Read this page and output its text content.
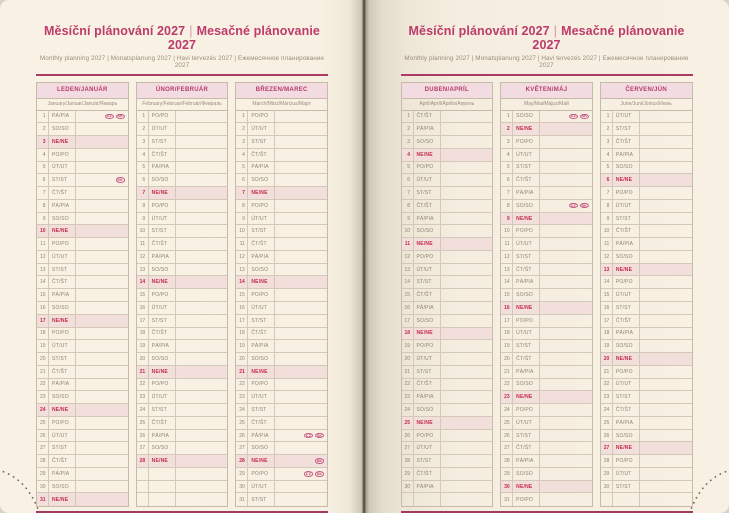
Měsíční plánování 2027 | Mesačné plánovanie 2027
Monthly planning 2027 | Monatsplanung 2027 | Havi tervezés 2027 | Ежемесячное планирование 2027
LEDEN/JANUÁR
January/Januar/Január/Январь
1	PÁ/PIA	CZ	SK
2	SO/SO
3	NE/NE
4	PO/PO
5	ÚT/UT
6	ST/ST	SK
7	ČT/ŠT
8	PÁ/PIA
9	SO/SO
10	NE/NE
11	PO/PO
12	ÚT/UT
13	ST/ST
14	ČT/ŠT
15	PÁ/PIA
16	SO/SO
17	NE/NE
18	PO/PO
19	ÚT/UT
20	ST/ST
21	ČT/ŠT
22	PÁ/PIA
23	SO/SO
24	NE/NE
25	PO/PO
26	ÚT/UT
27	ST/ST
28	ČT/ŠT
29	PÁ/PIA
30	SO/SO
31	NE/NE
ÚNOR/FEBRUÁR
February/Februar/Február/Февраль
1	PO/PO
2	ÚT/UT
3	ST/ST
4	ČT/ŠT
5	PÁ/PIA
6	SO/SO
7	NE/NE
8	PO/PO
9	ÚT/UT
10	ST/ST
11	ČT/ŠT
12	PÁ/PIA
13	SO/SO
14	NE/NE
15	PO/PO
16	ÚT/UT
17	ST/ST
18	ČT/ŠT
19	PÁ/PIA
20	SO/SO
21	NE/NE
22	PO/PO
23	ÚT/UT
24	ST/ST
25	ČT/ŠT
26	PÁ/PIA
27	SO/SO
28	NE/NE
BŘEZEN/MAREC
March/März/Március/Март
1	PO/PO
2	ÚT/UT
3	ST/ST
4	ČT/ŠT
5	PÁ/PIA
6	SO/SO
7	NE/NE
8	PO/PO
9	ÚT/UT
10	ST/ST
11	ČT/ŠT
12	PÁ/PIA
13	SO/SO
14	NE/NE
15	PO/PO
16	ÚT/UT
17	ST/ST
18	ČT/ŠT
19	PÁ/PIA
20	SO/SO
21	NE/NE
22	PO/PO
23	ÚT/UT
24	ST/ST
25	ČT/ŠT
26	PÁ/PIA	CZ	SK
27	SO/SO
28	NE/NE	SK
29	PO/PO	CZ	SK
30	ÚT/UT
31	ST/ST
Měsíční plánování 2027 | Mesačné plánovanie 2027
Monthly planning 2027 | Monatsplanung 2027 | Havi tervezés 2027 | Ежемесячное планирование 2027
DUBEN/APRÍL
April/Apríl/Április/Апрель
1	ČT/ŠT
2	PÁ/PIA
3	SO/SO
4	NE/NE
5	PO/PO
6	ÚT/UT
7	ST/ST
8	ČT/ŠT
9	PÁ/PIA
10	SO/SO
11	NE/NE
12	PO/PO
13	ÚT/UT
14	ST/ST
15	ČT/ŠT
16	PÁ/PIA
17	SO/SO
18	NE/NE
19	PO/PO
20	ÚT/UT
21	ST/ST
22	ČT/ŠT
23	PÁ/PIA
24	SO/SO
25	NE/NE
26	PO/PO
27	ÚT/UT
28	ST/ST
29	ČT/ŠT
30	PÁ/PIA
KVĚTEN/MÁJ
May/Mai/Május/Май
1	SO/SO	CZ	SK
2	NE/NE
3	PO/PO
4	ÚT/UT
5	ST/ST
6	ČT/ŠT
7	PÁ/PIA
8	SO/SO	CZ	SK
9	NE/NE
10	PO/PO
11	ÚT/UT
12	ST/ST
13	ČT/ŠT
14	PÁ/PIA
15	SO/SO
16	NE/NE
17	PO/PO
18	ÚT/UT
19	ST/ST
20	ČT/ŠT
21	PÁ/PIA
22	SO/SO
23	NE/NE
24	PO/PO
25	ÚT/UT
26	ST/ST
27	ČT/ŠT
28	PÁ/PIA
29	SO/SO
30	NE/NE
31	PO/PO
ČERVEN/JÚN
June/Juni/Június/Июнь
1	ÚT/UT
2	ST/ST
3	ČT/ŠT
4	PÁ/PIA
5	SO/SO
6	NE/NE
7	PO/PO
8	ÚT/UT
9	ST/ST
10	ČT/ŠT
11	PÁ/PIA
12	SO/SO
13	NE/NE
14	PO/PO
15	ÚT/UT
16	ST/ST
17	ČT/ŠT
18	PÁ/PIA
19	SO/SO
20	NE/NE
21	PO/PO
22	ÚT/UT
23	ST/ST
24	ČT/ŠT
25	PÁ/PIA
26	SO/SO
27	NE/NE
28	PO/PO
29	ÚT/UT
30	ST/ST
